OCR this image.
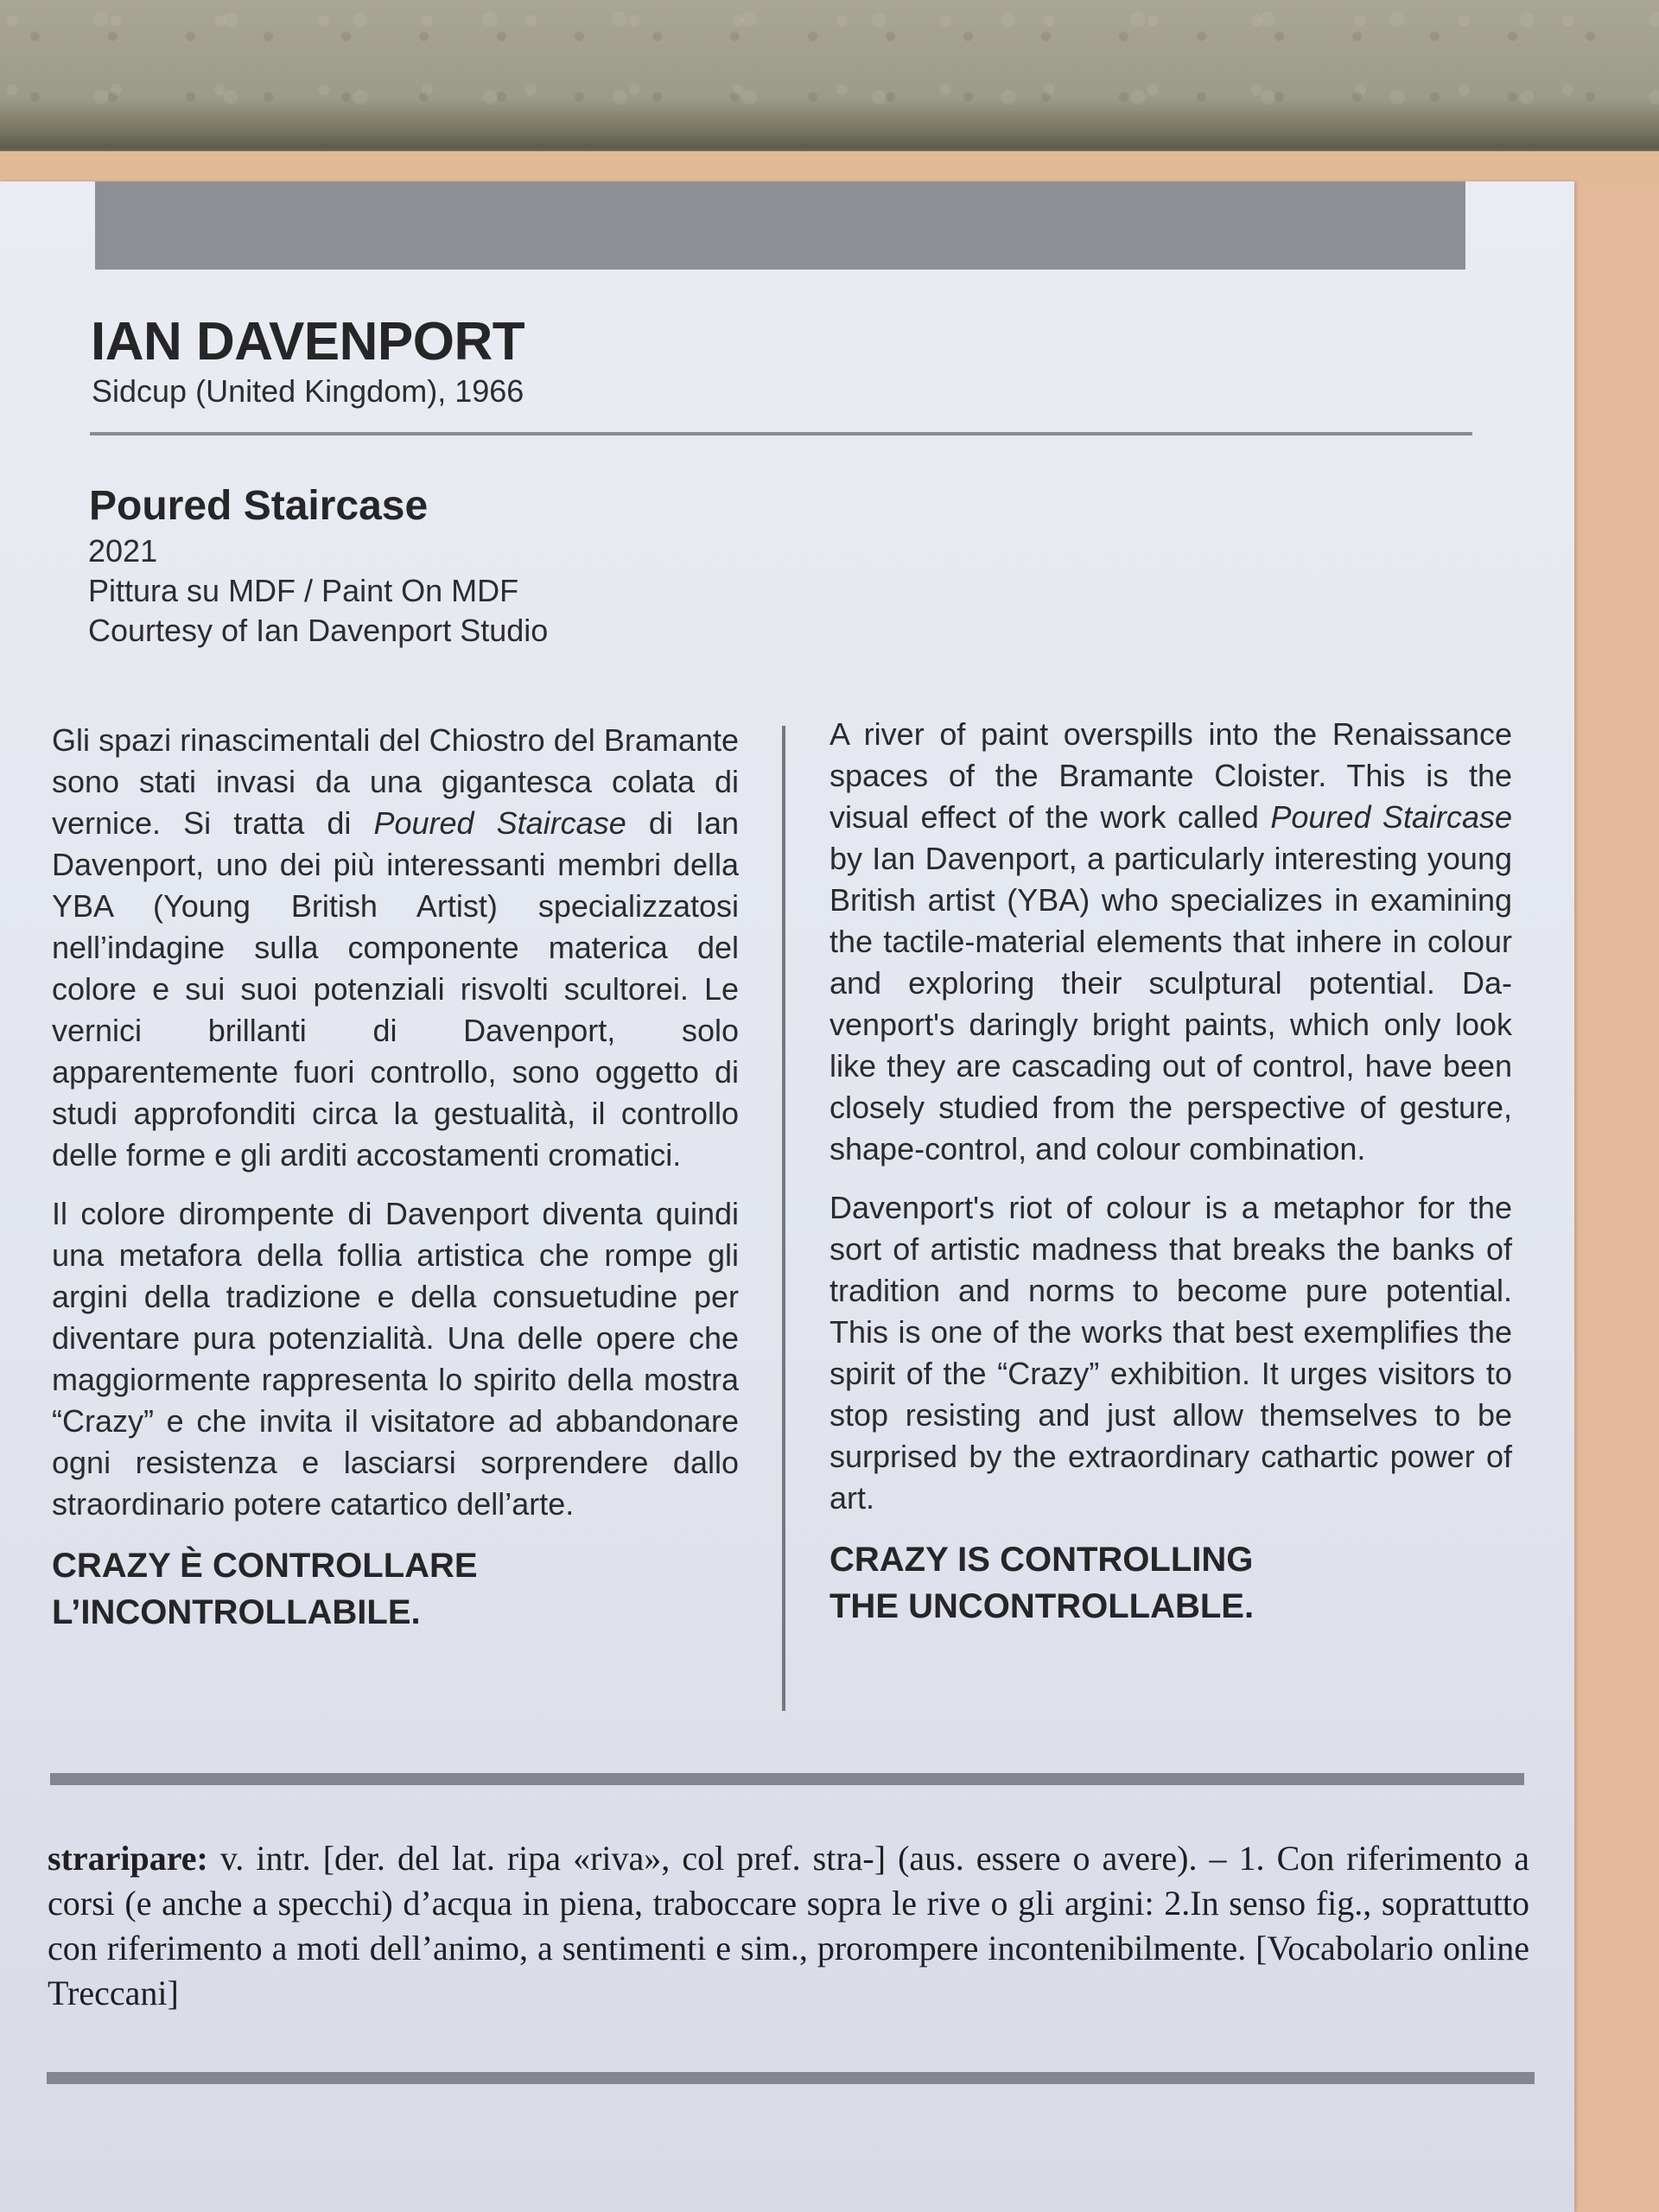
IAN DAVENPORT
Sidcup (United Kingdom), 1966
Poured Staircase
2021
Pittura su MDF / Paint On MDF
Courtesy of Ian Davenport Studio

Gli spazi rinascimentali del Chiostro del Bramante sono stati invasi da una gigantesca colata di vernice. Si tratta di Poured Staircase di Ian Davenport, uno dei più interessanti membri della YBA (Young British Artist) specializzatosi nell’indagine sulla componente materica del colore e sui suoi potenziali risvolti scultorei. Le vernici brillanti di Davenport, solo apparentemente fuori controllo, sono oggetto di studi approfonditi circa la gestualità, il controllo delle forme e gli arditi accostamenti cromatici.

Il colore dirompente di Davenport diventa quindi una metafora della follia artistica che rompe gli argini della tradizione e della consuetudine per diventare pura potenzialità. Una delle opere che maggiormente rappresenta lo spirito della mostra “Crazy” e che invita il visitatore ad abbandonare ogni resistenza e lasciarsi sorprendere dallo straordinario potere catartico dell’arte.

CRAZY È CONTROLLARE
L’INCONTROLLABILE.

A river of paint overspills into the Renaissance spaces of the Bramante Cloister. This is the visual effect of the work called Poured Staircase by Ian Davenport, a particularly interesting young British artist (YBA) who specializes in examining the tactile-material elements that inhere in colour and exploring their sculptural potential. Davenport's daringly bright paints, which only look like they are cascading out of control, have been closely studied from the perspective of gesture, shape-control, and colour combination.

Davenport's riot of colour is a metaphor for the sort of artistic madness that breaks the banks of tradition and norms to become pure potential. This is one of the works that best exemplifies the spirit of the “Crazy” exhibition. It urges visitors to stop resisting and just allow themselves to be surprised by the extraordinary cathartic power of art.

CRAZY IS CONTROLLING
THE UNCONTROLLABLE.
straripare: v. intr. [der. del lat. ripa «riva», col pref. stra-] (aus. essere o avere). – 1. Con riferimento a corsi (e anche a specchi) d’acqua in piena, traboccare sopra le rive o gli argini: 2.In senso fig., soprattutto con riferimento a moti dell’animo, a sentimenti e sim., prorompere incontenibilmente. [Vocabolario online Treccani]
